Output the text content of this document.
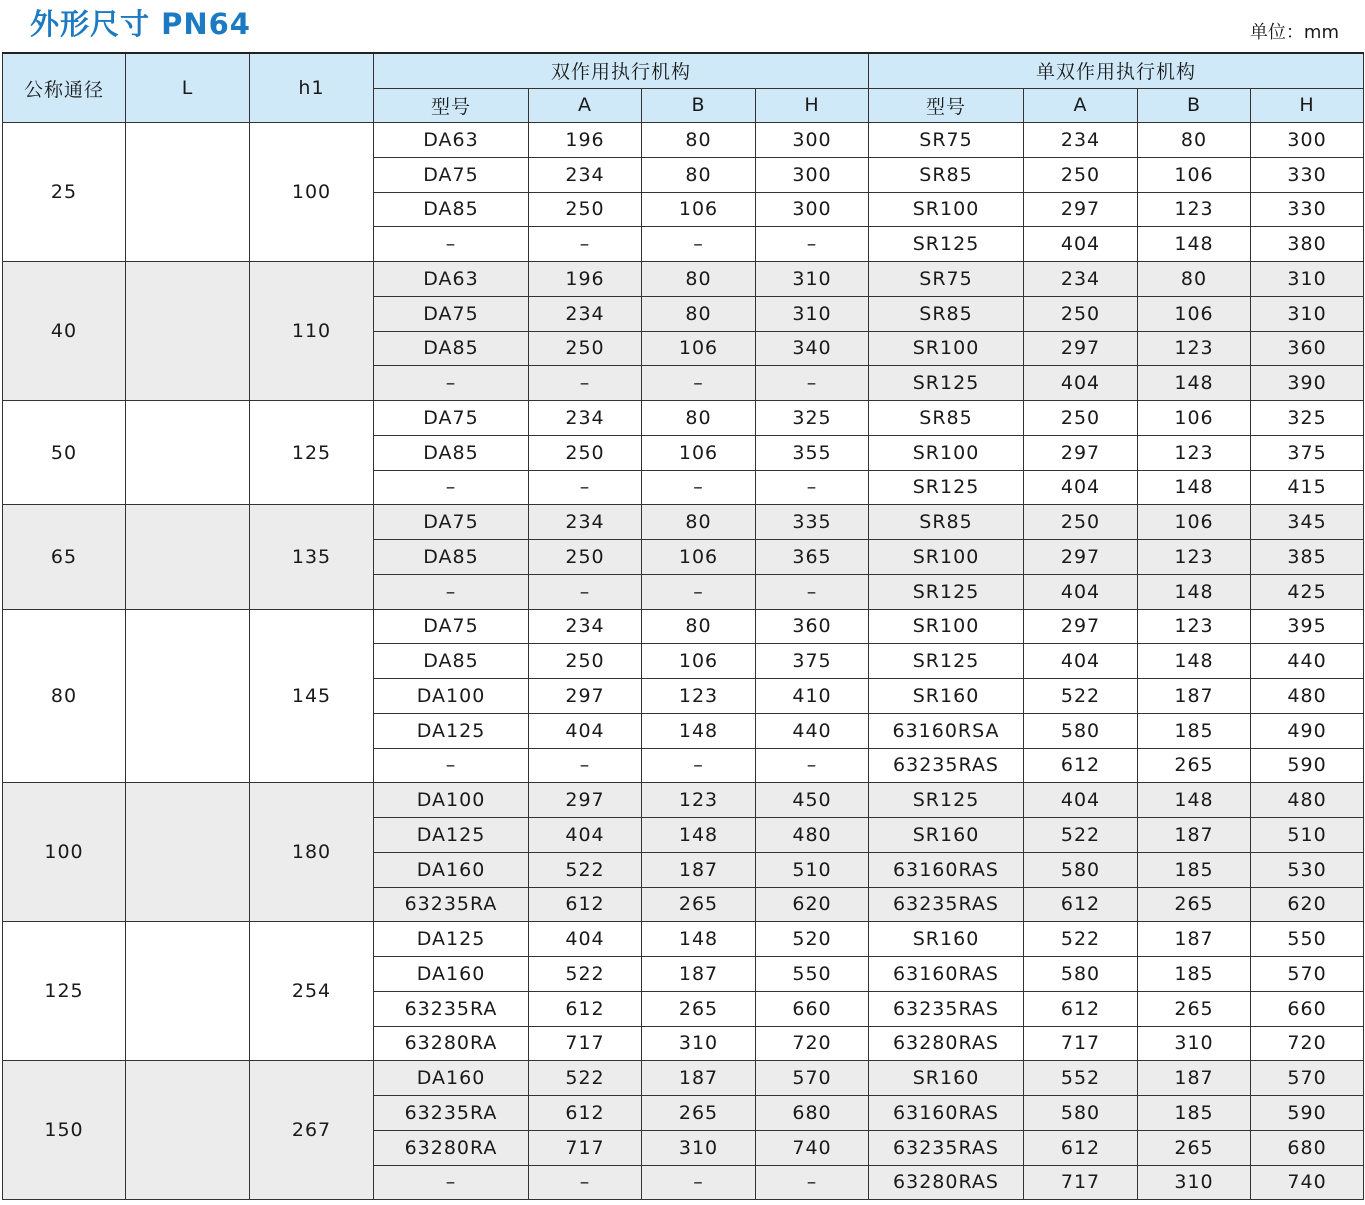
外形尺寸 PN64	单位：mm
公称通径	L	h1	双作用执行机构				单双作用执行机构			
			型号	A	B	H	型号	A	B	H
25		100	DA63	196	80	300	SR75	234	80	300
			DA75	234	80	300	SR85	250	106	330
			DA85	250	106	300	SR100	297	123	330
			–	–	–	–	SR125	404	148	380
40		110	DA63	196	80	310	SR75	234	80	310
			DA75	234	80	310	SR85	250	106	310
			DA85	250	106	340	SR100	297	123	360
			–	–	–	–	SR125	404	148	390
50		125	DA75	234	80	325	SR85	250	106	325
			DA85	250	106	355	SR100	297	123	375
			–	–	–	–	SR125	404	148	415
65		135	DA75	234	80	335	SR85	250	106	345
			DA85	250	106	365	SR100	297	123	385
			–	–	–	–	SR125	404	148	425
80		145	DA75	234	80	360	SR100	297	123	395
			DA85	250	106	375	SR125	404	148	440
			DA100	297	123	410	SR160	522	187	480
			DA125	404	148	440	63160RSA	580	185	490
			–	–	–	–	63235RAS	612	265	590
100		180	DA100	297	123	450	SR125	404	148	480
			DA125	404	148	480	SR160	522	187	510
			DA160	522	187	510	63160RAS	580	185	530
			63235RA	612	265	620	63235RAS	612	265	620
125		254	DA125	404	148	520	SR160	522	187	550
			DA160	522	187	550	63160RAS	580	185	570
			63235RA	612	265	660	63235RAS	612	265	660
			63280RA	717	310	720	63280RAS	717	310	720
150		267	DA160	522	187	570	SR160	552	187	570
			63235RA	612	265	680	63160RAS	580	185	590
			63280RA	717	310	740	63235RAS	612	265	680
			–	–	–	–	63280RAS	717	310	740
